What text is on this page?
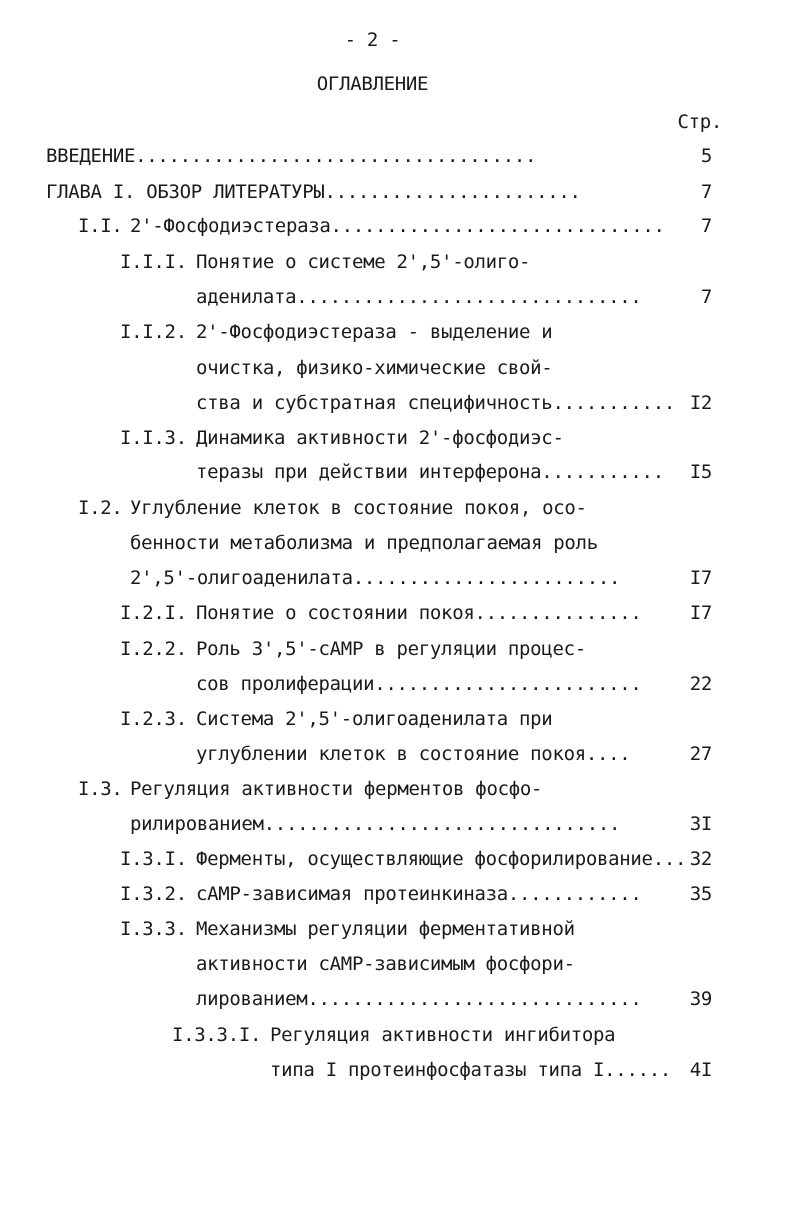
- 2 -
ОГЛАВЛЕНИЕ
Стр.
ВВЕДЕНИЕ....................................	5
ГЛАВА I. ОБЗОР ЛИТЕРАТУРЫ.......................	7
I.I. 2'-Фосфодиэстераза..............................	7
I.I.I. Понятие о системе 2',5'-олиго-
аденилата...............................	7
I.I.2. 2'-Фосфодиэстераза - выделение и
очистка, физико-химические свой-
ства и субстратная специфичность........... I2
I.I.3. Динамика активности 2'-фосфодиэс-
теразы при действии интерферона...........	I5
I.2. Углубление клеток в состояние покоя, осо-
бенности метаболизма и предполагаемая роль
2',5'-олигоаденилата........................	I7
I.2.I. Понятие о состоянии покоя...............	I7
I.2.2. Роль 3',5'-сАМР в регуляции процес-
сов пролиферации........................	22
I.2.3. Система 2',5'-олигоаденилата при
углублении клеток в состояние покоя....	27
I.3. Регуляция активности ферментов фосфо-
рилированием................................	3I
I.3.I. Ферменты, осуществляющие фосфорилирование... 32
I.3.2. сАМР-зависимая протеинкиназа............	35
I.3.3. Механизмы регуляции ферментативной
активности сАМР-зависимым фосфори-
лированием..............................	39
I.3.3.I. Регуляция активности ингибитора
типа I протеинфосфатазы типа I...... 4I
